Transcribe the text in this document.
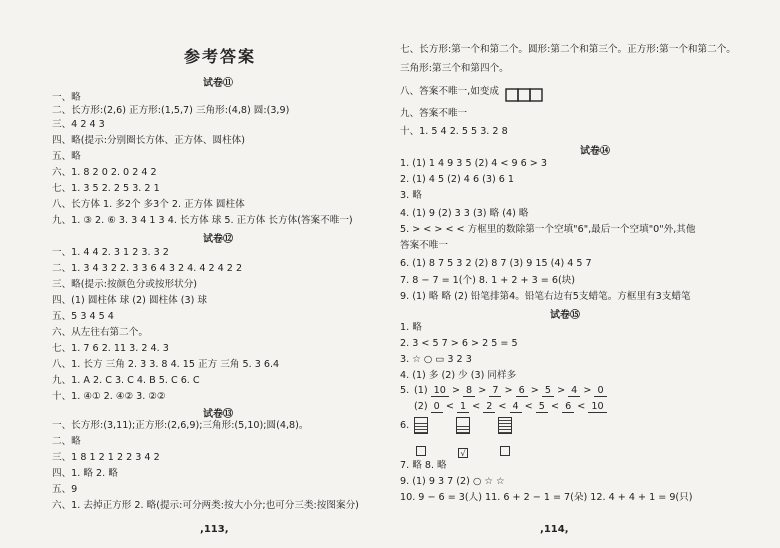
参考答案
试卷⑪
一、略
二、长方形:(2,6) 正方形:(1,5,7) 三角形:(4,8) 圆:(3,9)
三、4 2 4 3
四、略(提示:分别圈长方体、正方体、圆柱体)
五、略
六、1. 8 2 0 2. 0 2 4 2
七、1. 3 5 2. 2 5 3. 2 1
八、长方体 1. 多2个 多3个 2. 正方体 圆柱体
九、1. ③ 2. ⑥ 3. 3 4 1 3 4. 长方体 球 5. 正方体 长方体(答案不唯一)
试卷⑫
一、1. 4 4 2. 3 1 2 3. 3 2
二、1. 3 4 3 2 2. 3 3 6 4 3 2 4. 4 2 4 2 2
三、略(提示:按颜色分或按形状分)
四、(1) 圆柱体 球 (2) 圆柱体 (3) 球
五、5 3 4 5 4
六、从左往右第二个。
七、1. 7 6 2. 11 3. 2 4. 3
八、1. 长方 三角 2. 3 3. 8 4. 15 正方 三角 5. 3 6.4
九、1. A 2. C 3. C 4. B 5. C 6. C
十、1. ④① 2. ④② 3. ②②
试卷⑬
一、长方形:(3,11);正方形:(2,6,9);三角形:(5,10);圆(4,8)。
二、略
三、1 8 1 2 1 2 2 3 4 2
四、1. 略 2. 略
五、9
六、1. 去掉正方形 2. 略(提示:可分两类:按大小分;也可分三类:按图案分)
,113,
七、长方形:第一个和第二个。圆形:第二个和第三个。正方形:第一个和第二个。
三角形:第三个和第四个。
八、答案不唯一,如变成
九、答案不唯一
十、1. 5 4 2. 5 5 3. 2 8
试卷⑭
1. (1) 1 4 9 3 5 (2) 4 < 9 6 > 3
2. (1) 4 5 (2) 4 6 (3) 6 1
3. 略
4. (1) 9 (2) 3 3 (3) 略 (4) 略
5. > < > < < 方框里的数除第一个空填"6",最后一个空填"0"外,其他
答案不唯一
6. (1) 8 7 5 3 2 (2) 8 7 (3) 9 15 (4) 4 5 7
7. 8 − 7 = 1(个) 8. 1 + 2 + 3 = 6(块)
9. (1) 略 略 (2) 铅笔排第4。铅笔右边有5支蜡笔。方框里有3支蜡笔
试卷⑮
1. 略
2. 3 < 5 7 > 6 > 2 5 = 5
3. ☆ ○ ▭ 3 2 3
4. (1) 多 (2) 少 (3) 同样多
5. (1) 10 > 8 > 7 > 6 > 5 > 4 > 0
(2) 0 < 1 < 2 < 4 < 5 < 6 < 10
6.
√
7. 略 8. 略
9. (1) 9 3 7 (2) ○ ☆ ☆
10. 9 − 6 = 3(人) 11. 6 + 2 − 1 = 7(朵) 12. 4 + 4 + 1 = 9(只)
,114,
